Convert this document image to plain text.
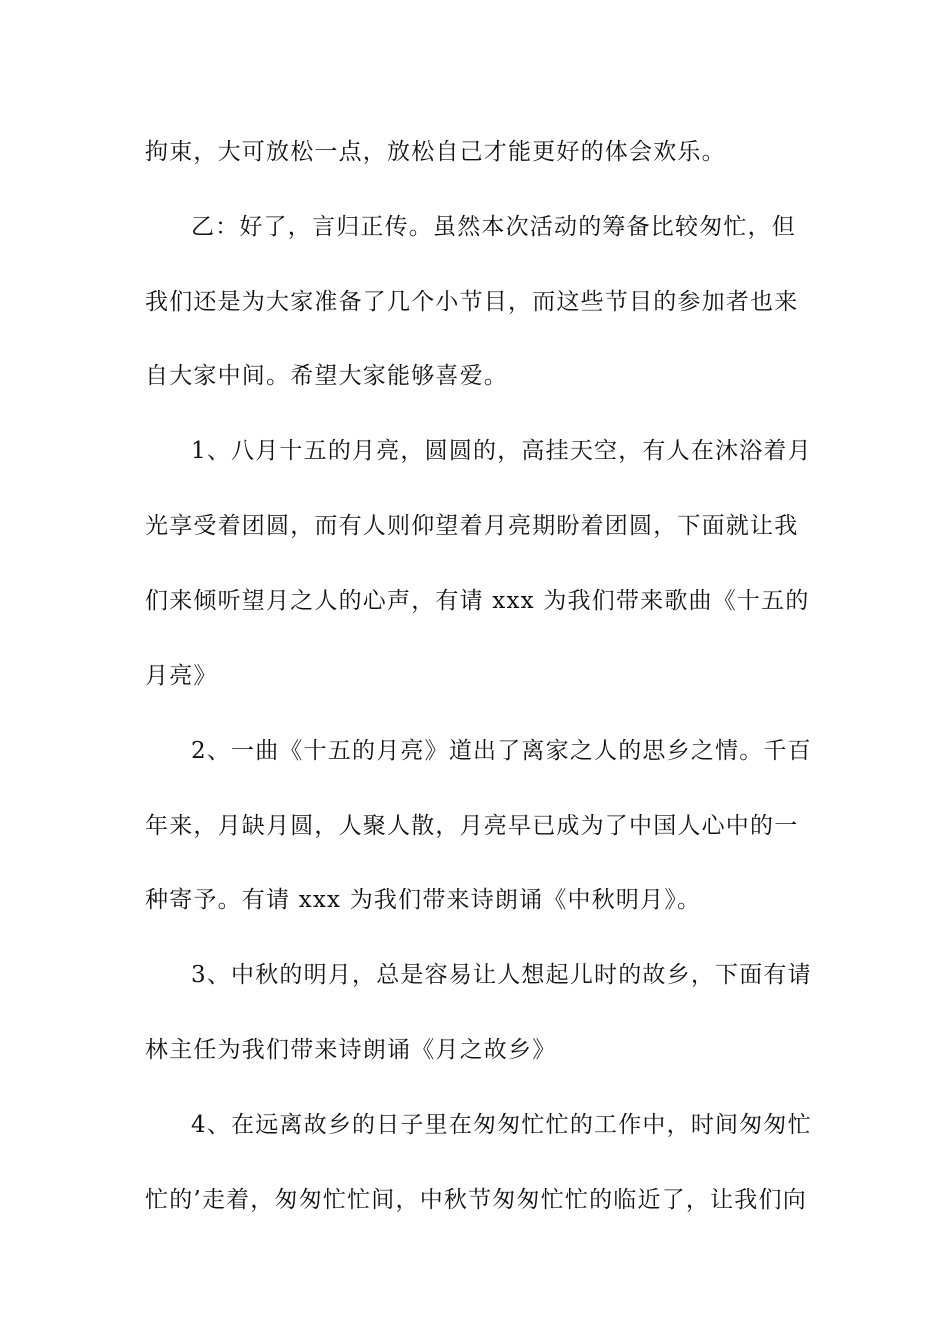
拘束，大可放松一点，放松自己才能更好的体会欢乐。

乙：好了，言归正传。虽然本次活动的筹备比较匆忙，但

我们还是为大家准备了几个小节目，而这些节目的参加者也来

自大家中间。希望大家能够喜爱。

1、八月十五的月亮，圆圆的，高挂天空，有人在沐浴着月

光享受着团圆，而有人则仰望着月亮期盼着团圆，下面就让我

们来倾听望月之人的心声，有请 xxx 为我们带来歌曲《十五的

月亮》

2、一曲《十五的月亮》道出了离家之人的思乡之情。千百

年来，月缺月圆，人聚人散，月亮早已成为了中国人心中的一

种寄予。有请 xxx 为我们带来诗朗诵《中秋明月》。

3、中秋的明月，总是容易让人想起儿时的故乡，下面有请

林主任为我们带来诗朗诵《月之故乡》

4、在远离故乡的日子里在匆匆忙忙的工作中，时间匆匆忙

忙的’走着，匆匆忙忙间，中秋节匆匆忙忙的临近了，让我们向
